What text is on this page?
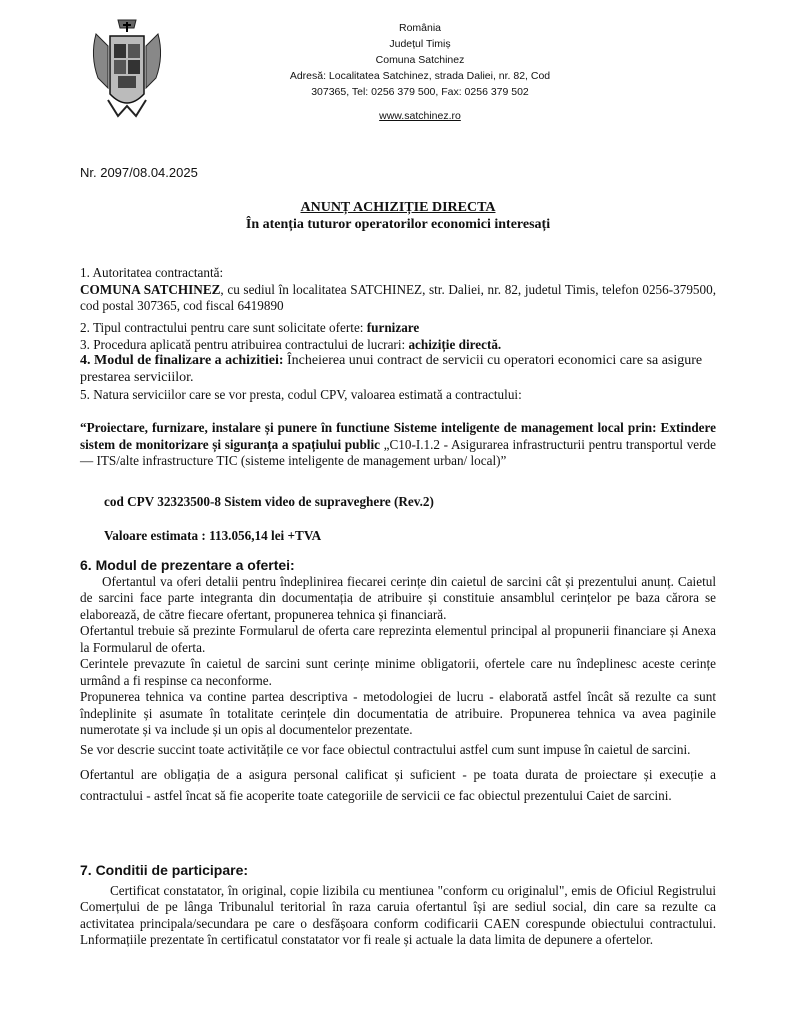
România
Județul Timiș
Comuna Satchinez
Adresă: Localitatea Satchinez, strada Daliei, nr. 82, Cod
307365, Tel: 0256 379 500, Fax: 0256 379 502
www.satchinez.ro
Nr. 2097/08.04.2025
ANUNȚ ACHIZIȚIE DIRECTA
În atenția tuturor operatorilor economici interesați

1. Autoritatea contractantă:

COMUNA SATCHINEZ, cu sediul în localitatea SATCHINEZ, str. Daliei, nr. 82, judetul Timis, telefon 0256-379500, cod postal 307365, cod fiscal 6419890

2. Tipul contractului pentru care sunt solicitate oferte: furnizare

3. Procedura aplicată pentru atribuirea contractului de lucrari: achiziție directă.

4. Modul de finalizare a achizitiei: Încheierea unui contract de servicii cu operatori economici care sa asigure prestarea serviciilor.

5. Natura serviciilor care se vor presta, codul CPV, valoarea estimată a contractului:

“Proiectare, furnizare, instalare și punere în functiune Sisteme inteligente de management local prin: Extindere sistem de monitorizare și siguranța a spațiului public „C10-I.1.2 - Asigurarea infrastructurii pentru transportul verde— ITS/alte infrastructure TIC (sisteme inteligente de management urban/ local)”
cod CPV 32323500-8 Sistem video de supraveghere (Rev.2)
Valoare estimata : 113.056,14 lei +TVA

6. Modul de prezentare a ofertei:

Ofertantul va oferi detalii pentru îndeplinirea fiecarei cerințe din caietul de sarcini cât și prezentului anunț. Caietul de sarcini face parte integranta din documentația de atribuire și constituie ansamblul cerințelor pe baza cărora se elaborează, de către fiecare ofertant, propunerea tehnica și financiară.

Ofertantul trebuie să prezinte Formularul de oferta care reprezinta elementul principal al propunerii financiare și Anexa la Formularul de oferta.

Cerintele prevazute în caietul de sarcini sunt cerințe minime obligatorii, ofertele care nu îndeplinesc aceste cerințe urmând a fi respinse ca neconforme.

Propunerea tehnica va contine partea descriptiva - metodologiei de lucru - elaborată astfel încât să rezulte ca sunt îndeplinite și asumate în totalitate cerințele din documentatia de atribuire. Propunerea tehnica va avea paginile numerotate și va include și un opis al documentelor prezentate.

Se vor descrie succint toate activitățile ce vor face obiectul contractului astfel cum sunt impuse în caietul de sarcini.

Ofertantul are obligația de a asigura personal calificat și suficient - pe toata durata de proiectare și execuție a contractului - astfel încat să fie acoperite toate categoriile de servicii ce fac obiectul prezentului Caiet de sarcini.

7. Conditii de participare:

Certificat constatator, în original, copie lizibila cu mentiunea "conform cu originalul", emis de Oficiul Registrului Comerțului de pe lânga Tribunalul teritorial în raza caruia ofertantul își are sediul social, din care sa rezulte ca activitatea principala/secundara pe care o desfășoara conform codificarii CAEN corespunde obiectului contractului. Lnformațiile prezentate în certificatul constatator vor fi reale și actuale la data limita de depunere a ofertelor.
